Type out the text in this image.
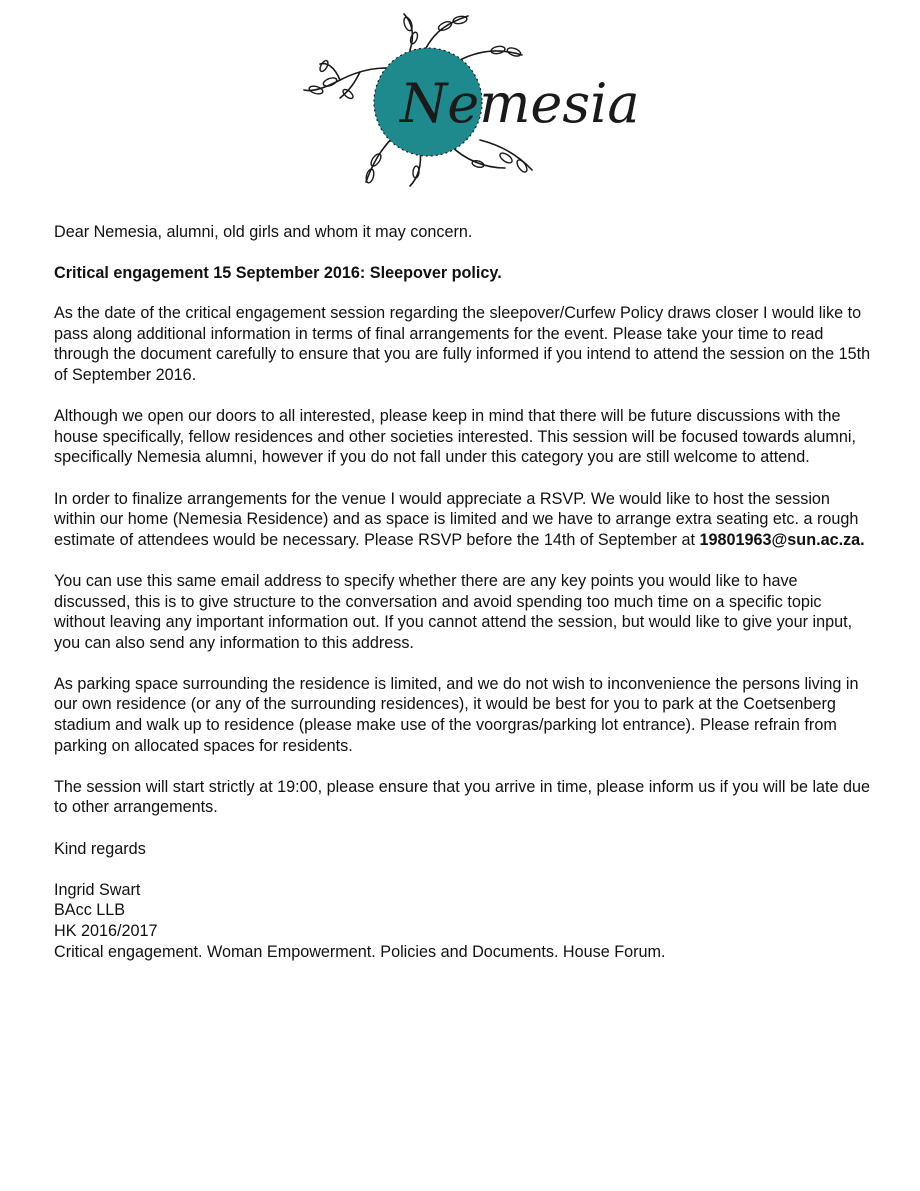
Nemesia

Dear Nemesia, alumni, old girls and whom it may concern.

Critical engagement 15 September 2016: Sleepover policy.

As the date of the critical engagement session regarding the sleepover/Curfew Policy draws closer I would like to pass along additional information in terms of final arrangements for the event. Please take your time to read through the document carefully to ensure that you are fully informed if you intend to attend the session on the 15th of September 2016.

Although we open our doors to all interested, please keep in mind that there will be future discussions with the house specifically, fellow residences and other societies interested. This session will be focused towards alumni, specifically Nemesia alumni, however if you do not fall under this category you are still welcome to attend.

In order to finalize arrangements for the venue I would appreciate a RSVP. We would like to host the session within our home (Nemesia Residence) and as space is limited and we have to arrange extra seating etc. a rough estimate of attendees would be necessary. Please RSVP before the 14th of September at 19801963@sun.ac.za.

You can use this same email address to specify whether there are any key points you would like to have discussed, this is to give structure to the conversation and avoid spending too much time on a specific topic without leaving any important information out. If you cannot attend the session, but would like to give your input, you can also send any information to this address.

As parking space surrounding the residence is limited, and we do not wish to inconvenience the persons living in our own residence (or any of the surrounding residences), it would be best for you to park at the Coetsenberg stadium and walk up to residence (please make use of the voorgras/parking lot entrance). Please refrain from parking on allocated spaces for residents.

The session will start strictly at 19:00, please ensure that you arrive in time, please inform us if you will be late due to other arrangements.

Kind regards

Ingrid Swart
BAcc LLB
HK 2016/2017
Critical engagement. Woman Empowerment. Policies and Documents. House Forum.
